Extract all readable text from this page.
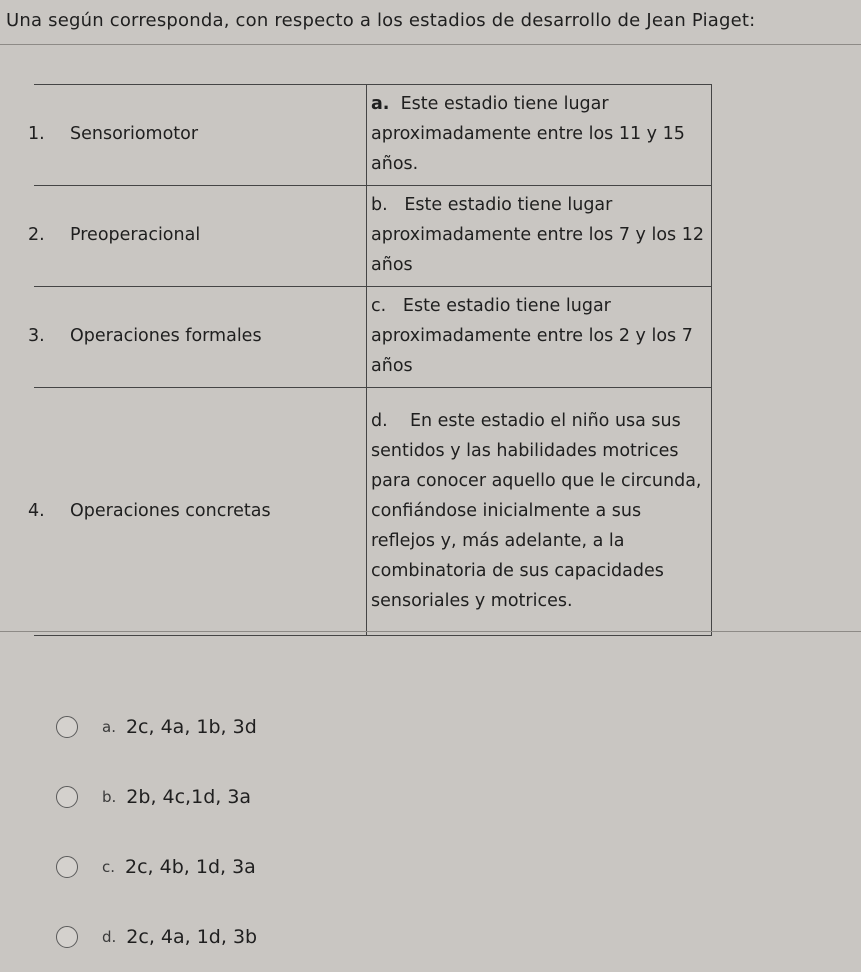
Una según corresponda, con respecto a los estadios de desarrollo de Jean Piaget:
1. Sensoriomotor	a. Este estadio tiene lugar aproximadamente entre los 11 y 15 años.
2. Preoperacional	b. Este estadio tiene lugar aproximadamente entre los 7 y los 12 años
3. Operaciones formales	c. Este estadio tiene lugar aproximadamente entre los 2 y los 7 años
4. Operaciones concretas	d. En este estadio el niño usa sus sentidos y las habilidades motrices para conocer aquello que le circunda, confiándose inicialmente a sus reflejos y, más adelante, a la combinatoria de sus capacidades sensoriales y motrices.
a. 2c, 4a, 1b, 3d
b. 2b, 4c,1d, 3a
c. 2c, 4b, 1d, 3a
d. 2c, 4a, 1d, 3b
